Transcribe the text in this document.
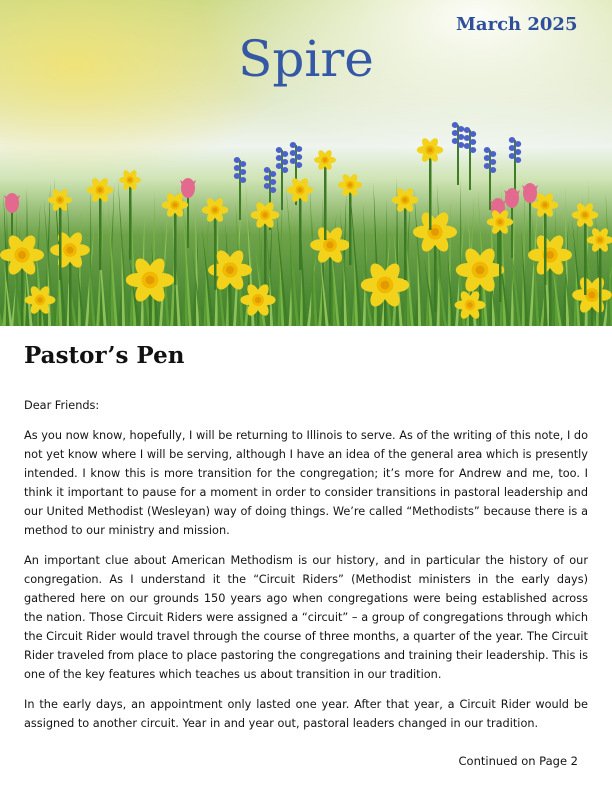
March 2025
Spire
Pastor’s Pen

Dear Friends:

As you now know, hopefully, I will be returning to Illinois to serve. As of the writing of this note, I do not yet know where I will be serving, although I have an idea of the general area which is presently intended. I know this is more transition for the congregation; it’s more for Andrew and me, too. I think it important to pause for a moment in order to consider transitions in pastoral leadership and our United Methodist (Wesleyan) way of doing things. We’re called “Methodists” because there is a method to our ministry and mission.

An important clue about American Methodism is our history, and in particular the history of our congregation. As I understand it the “Circuit Riders” (Methodist ministers in the early days) gathered here on our grounds 150 years ago when congregations were being established across the nation. Those Circuit Riders were assigned a “circuit” – a group of congregations through which the Circuit Rider would travel through the course of three months, a quarter of the year. The Circuit Rider traveled from place to place pastoring the congregations and training their leadership. This is one of the key features which teaches us about transition in our tradition.

In the early days, an appointment only lasted one year. After that year, a Circuit Rider would be assigned to another circuit. Year in and year out, pastoral leaders changed in our tradition.

Continued on Page 2
